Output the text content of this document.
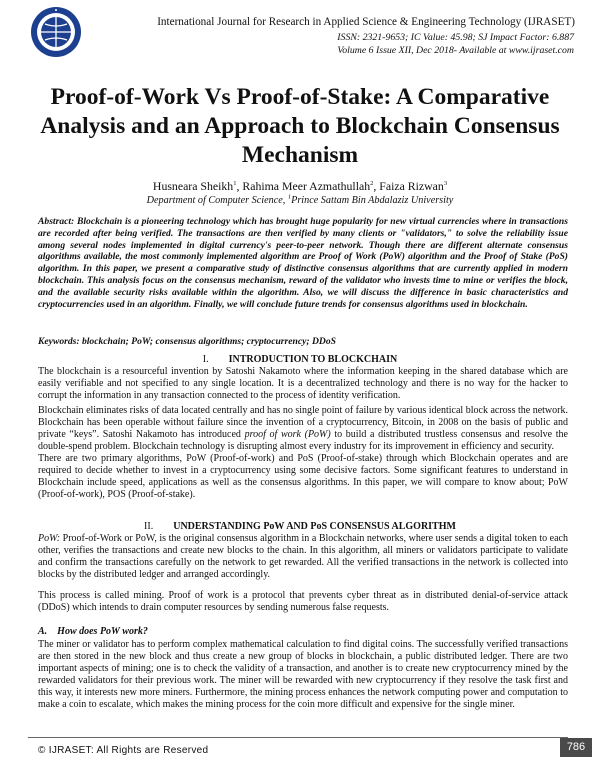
International Journal for Research in Applied Science & Engineering Technology (IJRASET)
ISSN: 2321-9653; IC Value: 45.98; SJ Impact Factor: 6.887
Volume 6 Issue XII, Dec 2018- Available at www.ijraset.com
Proof-of-Work Vs Proof-of-Stake: A Comparative Analysis and an Approach to Blockchain Consensus Mechanism
Husneara Sheikh$^1$, Rahima Meer Azmathullah$^2$, Faiza Rizwan$^3$
Department of Computer Science, $^1$Prince Sattam Bin Abdalaziz University

Abstract: Blockchain is a pioneering technology which has brought huge popularity for new virtual currencies where in transactions are recorded after being verified. The transactions are then verified by many clients or "validators," to solve the reliability issue among several nodes implemented in digital currency's peer-to-peer network. Though there are different alternate consensus algorithms available, the most commonly implemented algorithm are Proof of Work (PoW) algorithm and the Proof of Stake (PoS) algorithm. In this paper, we present a comparative study of distinctive consensus algorithms that are currently applied in modern blockchain. This analysis focus on the consensus mechanism, reward of the validator who invests time to mine or verifies the block, and the available security risks available within the algorithm. Also, we will discuss the difference in basic characteristics and cryptocurrencies used in an algorithm. Finally, we will conclude future trends for consensus algorithms used in blockchain.

Keywords: blockchain; PoW; consensus algorithms; cryptocurrency; DDoS

I. INTRODUCTION TO BLOCKCHAIN

The blockchain is a resourceful invention by Satoshi Nakamoto where the information keeping in the shared database which are easily verifiable and not specified to any single location. It is a decentralized technology and there is no way for the hacker to corrupt the information in any transaction connected to the process of identity verification.

Blockchain eliminates risks of data located centrally and has no single point of failure by various identical block across the network. Blockchain has been operable without failure since the invention of a cryptocurrency, Bitcoin, in 2008 on the basis of public and private “keys”. Satoshi Nakamoto has introduced proof of work (PoW) to build a distributed trustless consensus and resolve the double-spend problem. Blockchain technology is disrupting almost every industry for its improvement in efficiency and security.

There are two primary algorithms, PoW (Proof-of-work) and PoS (Proof-of-stake) through which Blockchain operates and are required to decide whether to invest in a cryptocurrency using some decisive factors. Some significant features to understand in Blockchain include speed, applications as well as the consensus algorithms. In this paper, we will compare to know about; PoW (Proof-of-work), POS (Proof-of-stake).

II. UNDERSTANDING PoW AND PoS CONSENSUS ALGORITHM

PoW: Proof-of-Work or PoW, is the original consensus algorithm in a Blockchain networks, where user sends a digital token to each other, verifies the transactions and create new blocks to the chain. In this algorithm, all miners or validators participate to validate and confirm the transactions carefully on the network to get rewarded. All the verified transactions in the network is collected into blocks by the distributed ledger and arranged accordingly.

This process is called mining. Proof of work is a protocol that prevents cyber threat as in distributed denial-of-service attack (DDoS) which intends to drain computer resources by sending numerous false requests.

A. How does PoW work?

The miner or validator has to perform complex mathematical calculation to find digital coins. The successfully verified transactions are then stored in the new block and thus create a new group of blocks in blockchain, a public distributed ledger. There are two important aspects of mining; one is to check the validity of a transaction, and another is to create new cryptocurrency mined by the rewarded validators for their previous work. The miner will be rewarded with new cryptocurrency if they resolve the task first and this way, it interests new more miners. Furthermore, the mining process enhances the network computing power and computation to make a coin to escalate, which makes the mining process for the coin more difficult and expensive for the single miner.

© IJRASET: All Rights are Reserved	786
